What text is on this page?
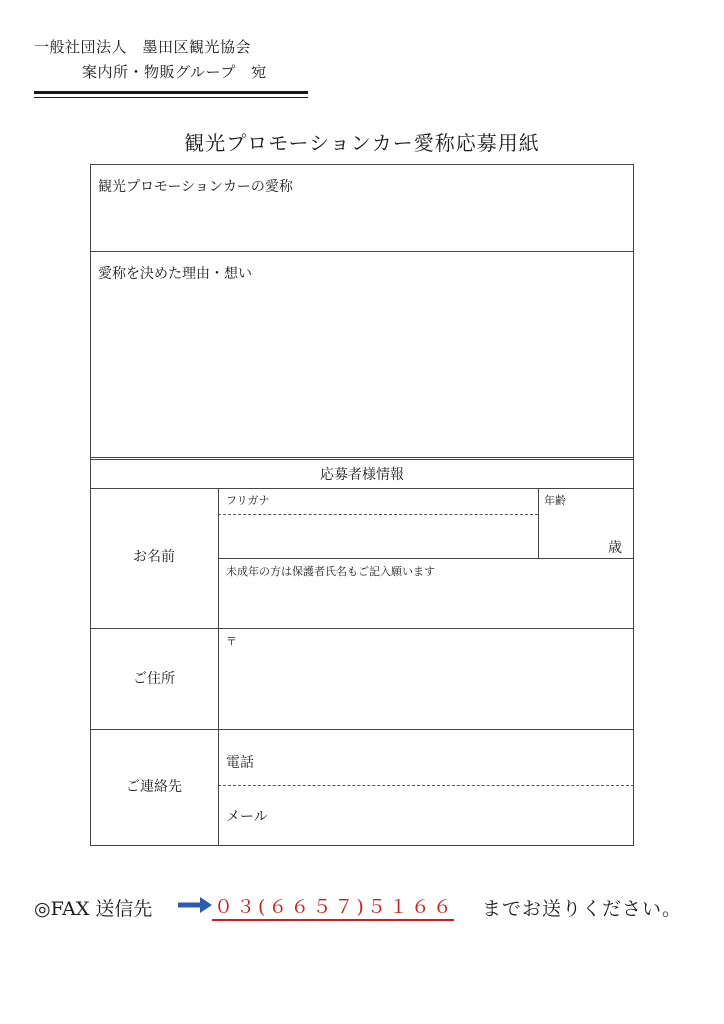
一般社団法人　墨田区観光協会
案内所・物販グループ　宛
観光プロモーションカー愛称応募用紙
観光プロモーションカーの愛称
愛称を決めた理由・想い
応募者様情報
フリガナ	年齢
歳
未成年の方は保護者氏名もご記入願います
お名前
〒
ご住所
電話
メール
ご連絡先
◎FAX 送信先	０３(６６５７)５１６６ までお送りください。
